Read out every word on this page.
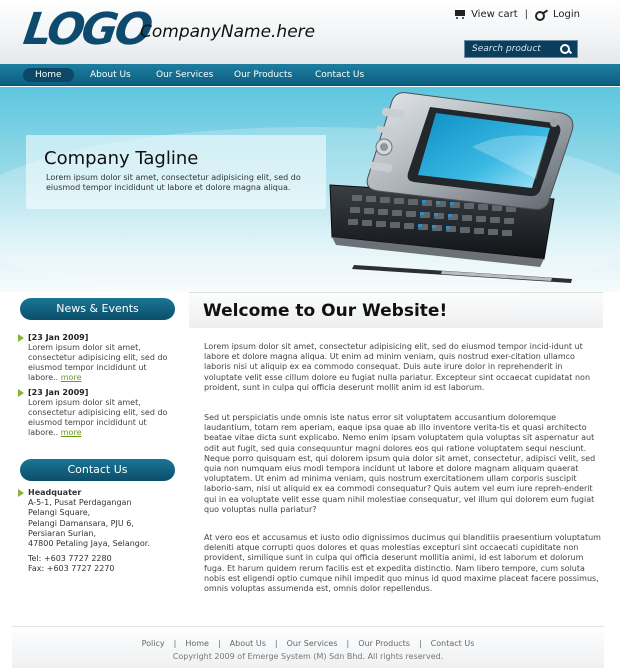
LOGO
CompanyName.here
View cart |	Login
Search product
Home	About Us	Our Services Our Products	Contact Us
Company Tagline
Lorem ipsum dolor sit amet, consectetur adipisicing elit, sed do eiusmod tempor incididunt ut labore et dolore magna aliqua.
News & Events
[23 Jan 2009]
Lorem ipsum dolor sit amet, consectetur adipisicing elit, sed do eiusmod tempor incididunt ut labore.. more
[23 Jan 2009]
Lorem ipsum dolor sit amet, consectetur adipisicing elit, sed do eiusmod tempor incididunt ut labore.. more
Contact Us
Headquater
A-5-1, Pusat Perdagangan
Pelangi Square,
Pelangi Damansara, PJU 6,
Persiaran Surian,
47800 Petaling Jaya, Selangor.
Tel: +603 7727 2280
Fax: +603 7727 2270
Welcome to Our Website!
Lorem ipsum dolor sit amet, consectetur adipisicing elit, sed do eiusmod tempor incid-idunt ut labore et dolore magna aliqua. Ut enim ad minim veniam, quis nostrud exer-citation ullamco laboris nisi ut aliquip ex ea commodo consequat. Duis aute irure dolor in reprehenderit in voluptate velit esse cillum dolore eu fugiat nulla pariatur. Excepteur sint occaecat cupidatat non proident, sunt in culpa qui officia deserunt mollit anim id est laborum.
Sed ut perspiciatis unde omnis iste natus error sit voluptatem accusantium doloremque laudantium, totam rem aperiam, eaque ipsa quae ab illo inventore verita-tis et quasi architecto beatae vitae dicta sunt explicabo. Nemo enim ipsam voluptatem quia voluptas sit aspernatur aut odit aut fugit, sed quia consequuntur magni dolores eos qui ratione voluptatem sequi nesciunt. Neque porro quisquam est, qui dolorem ipsum quia dolor sit amet, consectetur, adipisci velit, sed quia non numquam eius modi tempora incidunt ut labore et dolore magnam aliquam quaerat voluptatem. Ut enim ad minima veniam, quis nostrum exercitationem ullam corporis suscipit laborio-sam, nisi ut aliquid ex ea commodi consequatur? Quis autem vel eum iure repreh-enderit qui in ea voluptate velit esse quam nihil molestiae consequatur, vel illum qui dolorem eum fugiat quo voluptas nulla pariatur?
At vero eos et accusamus et iusto odio dignissimos ducimus qui blanditiis praesentium voluptatum deleniti atque corrupti quos dolores et quas molestias excepturi sint occaecati cupiditate non provident, similique sunt in culpa qui officia deserunt mollitia animi, id est laborum et dolorum fuga. Et harum quidem rerum facilis est et expedita distinctio. Nam libero tempore, cum soluta nobis est eligendi optio cumque nihil impedit quo minus id quod maxime placeat facere possimus, omnis voluptas assumenda est, omnis dolor repellendus.
Policy | Home | About Us | Our Services | Our Products | Contact Us
Copyright 2009 of Emerge System (M) Sdn Bhd. All rights reserved.
